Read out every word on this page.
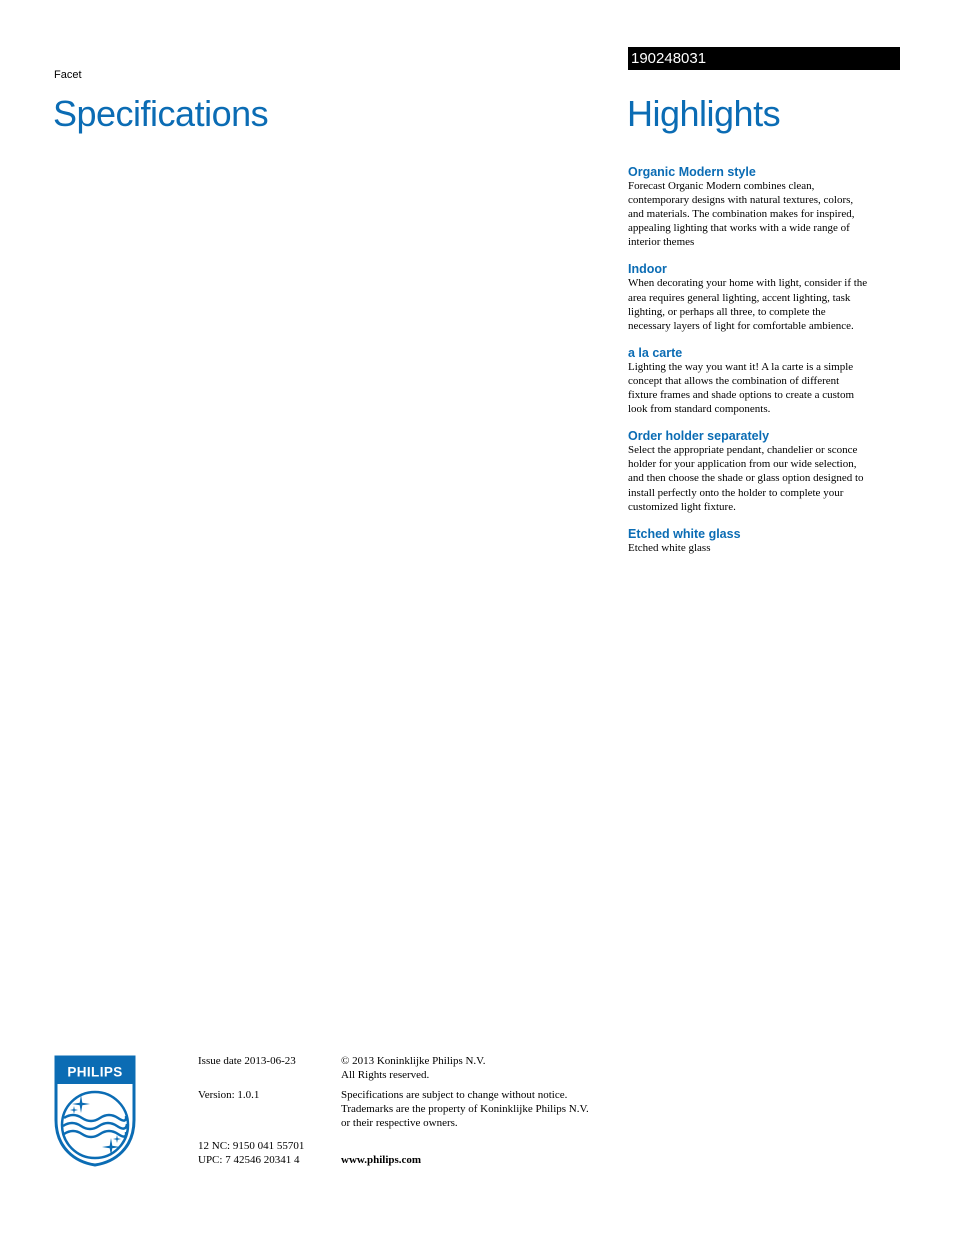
Facet
Specifications
190248031
Highlights
Organic Modern style
Forecast Organic Modern combines clean,
contemporary designs with natural textures, colors,
and materials. The combination makes for inspired,
appealing lighting that works with a wide range of
interior themes
Indoor
When decorating your home with light, consider if the
area requires general lighting, accent lighting, task
lighting, or perhaps all three, to complete the
necessary layers of light for comfortable ambience.
a la carte
Lighting the way you want it! A la carte is a simple
concept that allows the combination of different
fixture frames and shade options to create a custom
look from standard components.
Order holder separately
Select the appropriate pendant, chandelier or sconce
holder for your application from our wide selection,
and then choose the shade or glass option designed to
install perfectly onto the holder to complete your
customized light fixture.
Etched white glass
Etched white glass
PHILIPS
Issue date 2013-06-23
Version: 1.0.1
12 NC: 9150 041 55701
UPC: 7 42546 20341 4
© 2013 Koninklijke Philips N.V.
All Rights reserved.
Specifications are subject to change without notice.
Trademarks are the property of Koninklijke Philips N.V.
or their respective owners.
www.philips.com
